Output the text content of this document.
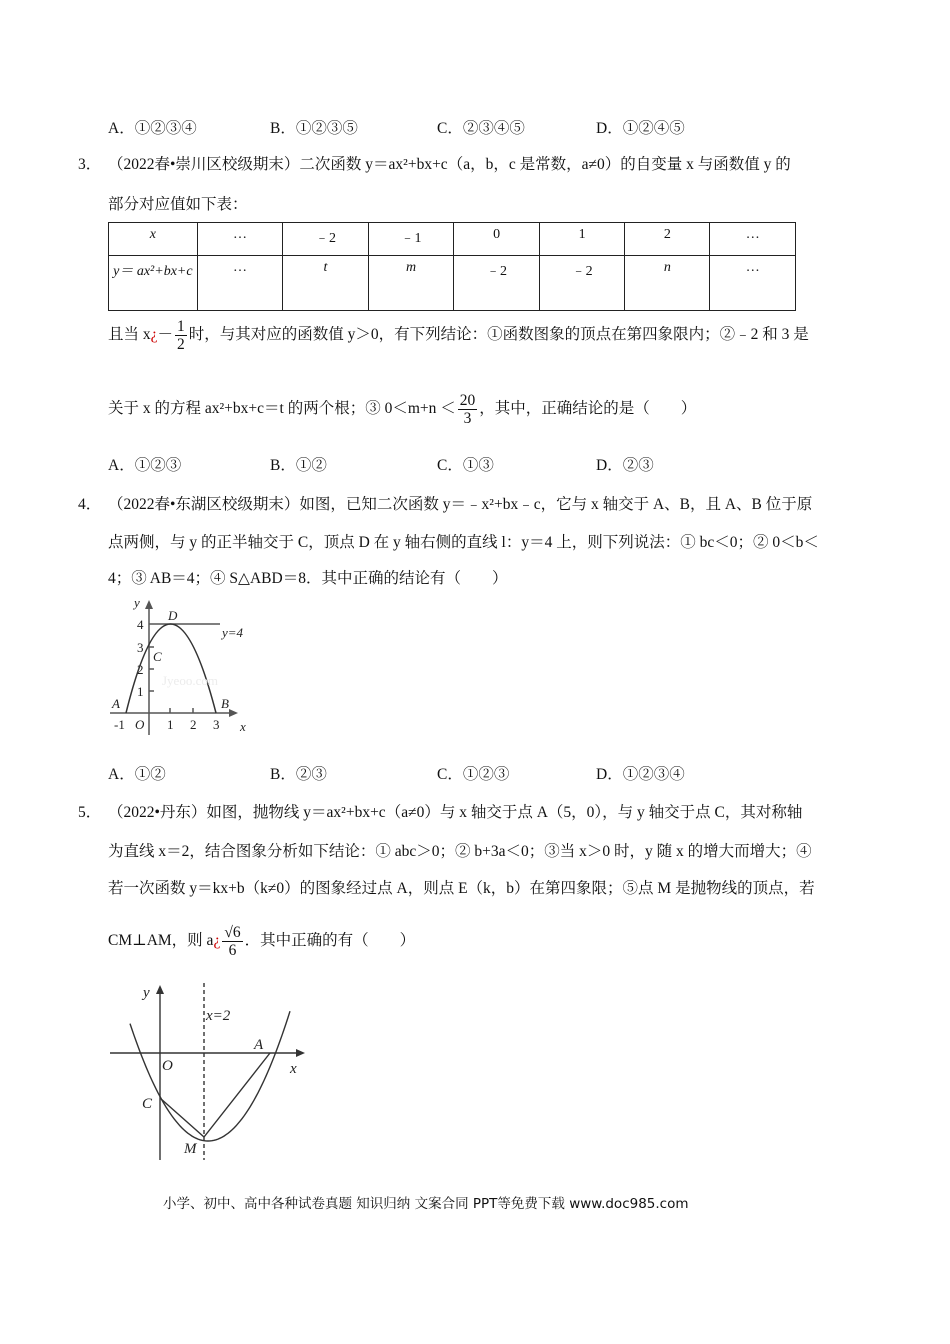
A．①②③④	B．①②③⑤	C．②③④⑤	D．①②④⑤
3． （2022春•崇川区校级期末）二次函数 y＝ax²+bx+c（a，b，c 是常数，a≠0）的自变量 x 与函数值 y 的
部分对应值如下表：
x	…	﹣2	﹣1	0	1	2	…
y＝ ax²+bx+c	…	t	m	﹣2	﹣2	n	…
且当 x¿－ $\frac{1}{2}$ 时，与其对应的函数值 y＞0，有下列结论：①函数图象的顶点在第四象限内；②﹣2 和 3 是
关于 x 的方程 ax²+bx+c＝t 的两个根；③ $0<m+n < \frac{20}{3}$ ，其中，正确结论的是（　　）
A．①②③	B．①②	C．①③	D．②③
4． （2022春•东湖区校级期末）如图，已知二次函数 y＝﹣x²+bx﹣c，它与 x 轴交于 A、B，且 A、B 位于原
点两侧，与 y 的正半轴交于 C，顶点 D 在 y 轴右侧的直线 l：y＝4 上，则下列说法：① bc＜0；② 0＜b＜
4；③ AB＝4；④ S△ABD＝8．其中正确的结论有（　　）
Jyeoo.com
y
x
D
y=4
C
A	B
O
-1	1 2 3
4
3
2
1
A．①②	B．②③	C．①②③	D．①②③④
5． （2022•丹东）如图，抛物线 y＝ax²+bx+c（a≠0）与 x 轴交于点 A（5，0），与 y 轴交于点 C，其对称轴
为直线 x＝2，结合图象分析如下结论：① abc＞0；② b+3a＜0；③当 x＞0 时，y 随 x 的增大而增大；④
若一次函数 y＝kx+b（k≠0）的图象经过点 A，则点 E（k，b）在第四象限；⑤点 M 是抛物线的顶点，若
CM⊥AM，则 a¿ $\frac{√6}{6}$ ．其中正确的有（　　）
y
x
O
x=2
A
C
M
小学、初中、高中各种试卷真题 知识归纳 文案合同 PPT等免费下载 www.doc985.com
